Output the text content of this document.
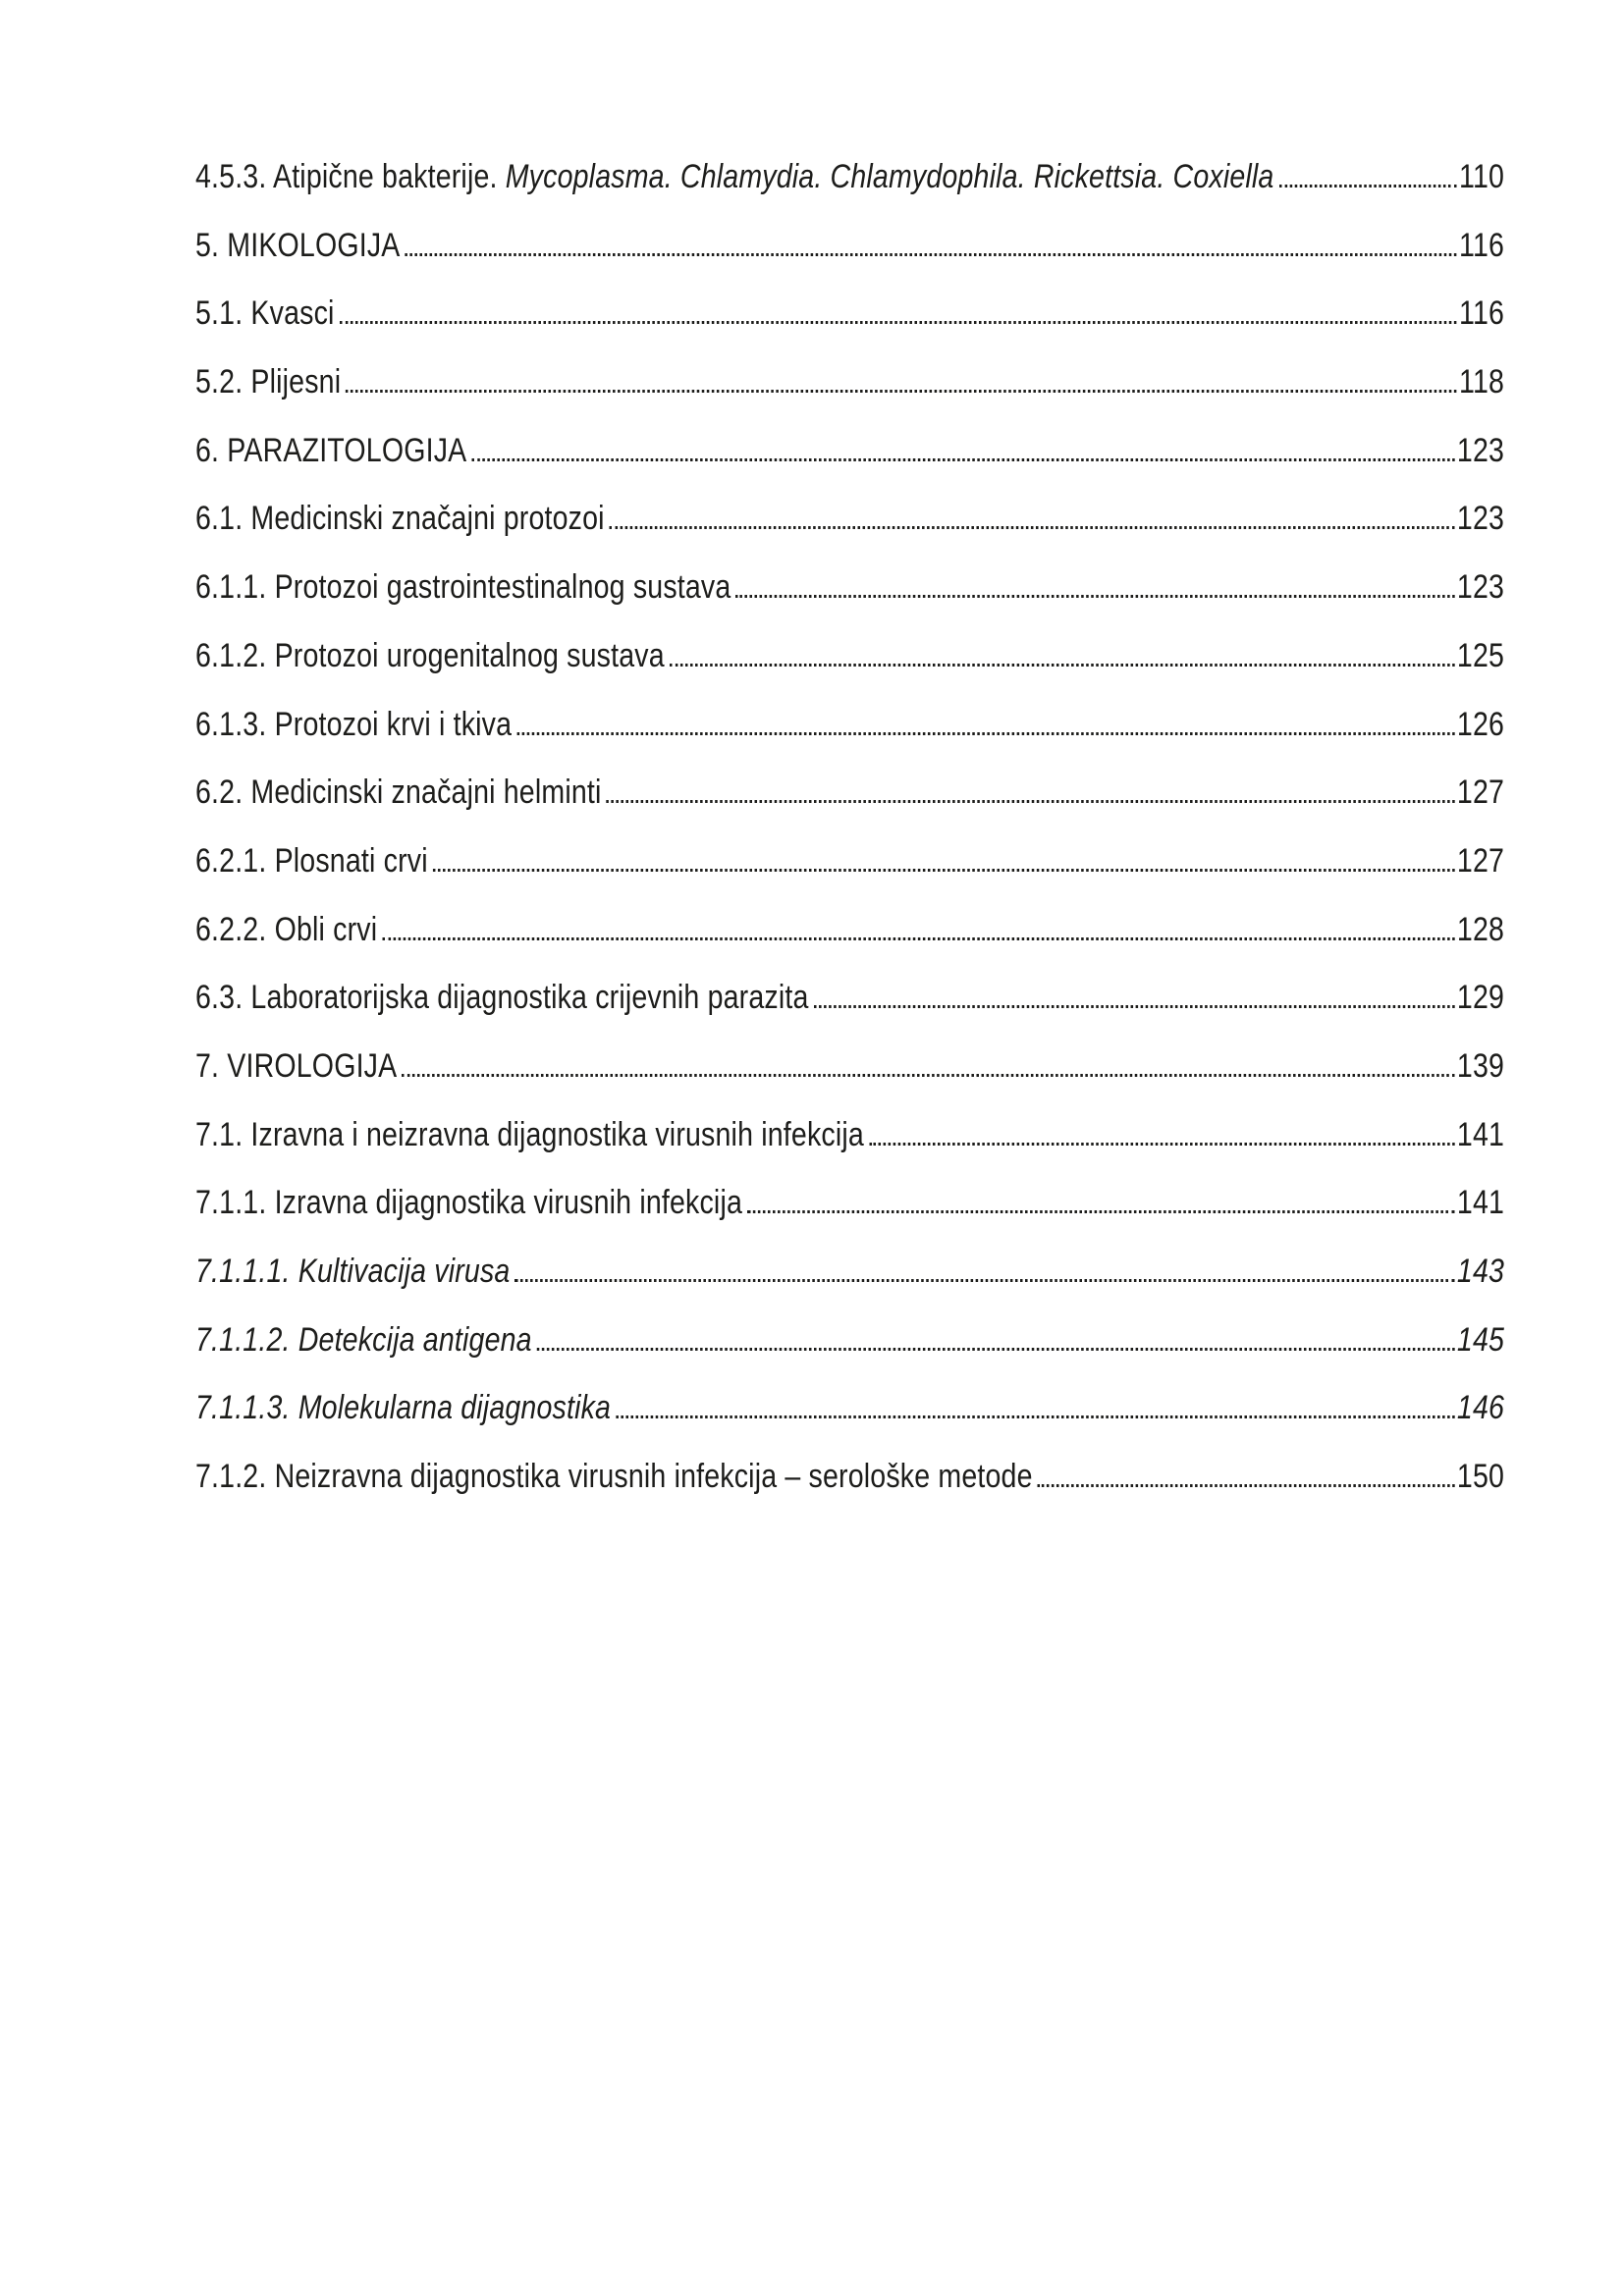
4.5.3. Atipične bakterije. Mycoplasma. Chlamydia. Chlamydophila. Rickettsia. Coxiella	110
5. MIKOLOGIJA	116
5.1. Kvasci	116
5.2. Plijesni	118
6. PARAZITOLOGIJA	123
6.1. Medicinski značajni protozoi	123
6.1.1. Protozoi gastrointestinalnog sustava	123
6.1.2. Protozoi urogenitalnog sustava	125
6.1.3. Protozoi krvi i tkiva	126
6.2. Medicinski značajni helminti	127
6.2.1. Plosnati crvi	127
6.2.2. Obli crvi	128
6.3. Laboratorijska dijagnostika crijevnih parazita	129
7. VIROLOGIJA	139
7.1. Izravna i neizravna dijagnostika virusnih infekcija	141
7.1.1. Izravna dijagnostika virusnih infekcija	141
7.1.1.1. Kultivacija virusa	143
7.1.1.2. Detekcija antigena	145
7.1.1.3. Molekularna dijagnostika	146
7.1.2. Neizravna dijagnostika virusnih infekcija – serološke metode	150
